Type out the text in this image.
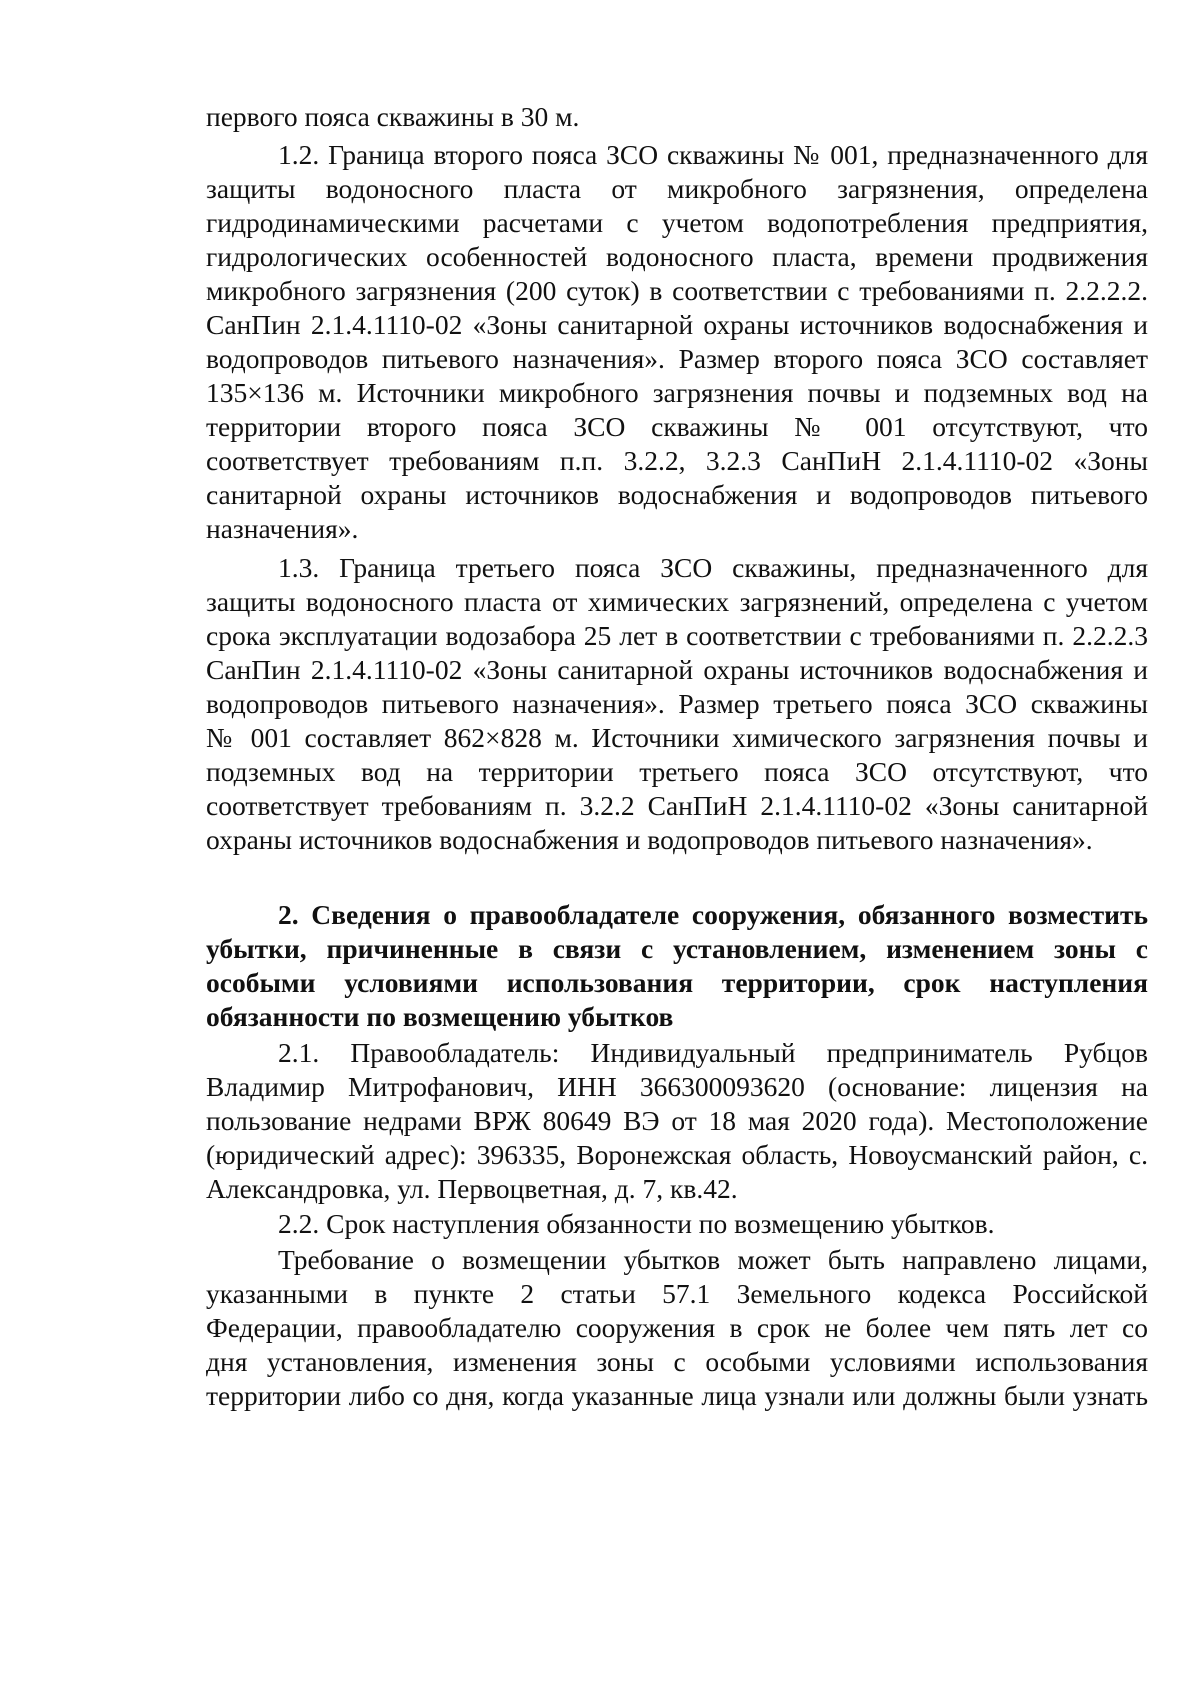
первого пояса скважины в 30 м.
1.2. Граница второго пояса ЗСО скважины № 001, предназначенного для
защиты водоносного пласта от микробного загрязнения, определена
гидродинамическими расчетами с учетом водопотребления предприятия,
гидрологических особенностей водоносного пласта, времени продвижения
микробного загрязнения (200 суток) в соответствии с требованиями п. 2.2.2.2.
СанПин 2.1.4.1110-02 «Зоны санитарной охраны источников водоснабжения и
водопроводов питьевого назначения». Размер второго пояса ЗСО составляет
135×136 м. Источники микробного загрязнения почвы и подземных вод на
территории второго пояса ЗСО скважины № 001 отсутствуют, что
соответствует требованиям п.п. 3.2.2, 3.2.3 СанПиН 2.1.4.1110-02 «Зоны
санитарной охраны источников водоснабжения и водопроводов питьевого
назначения».
1.3. Граница третьего пояса ЗСО скважины, предназначенного для
защиты водоносного пласта от химических загрязнений, определена с учетом
срока эксплуатации водозабора 25 лет в соответствии с требованиями п. 2.2.2.3
СанПин 2.1.4.1110-02 «Зоны санитарной охраны источников водоснабжения и
водопроводов питьевого назначения». Размер третьего пояса ЗСО скважины
№ 001 составляет 862×828 м. Источники химического загрязнения почвы и
подземных вод на территории третьего пояса ЗСО отсутствуют, что
соответствует требованиям п. 3.2.2 СанПиН 2.1.4.1110-02 «Зоны санитарной
охраны источников водоснабжения и водопроводов питьевого назначения».
2. Сведения о правообладателе сооружения, обязанного возместить
убытки, причиненные в связи с установлением, изменением зоны с
особыми условиями использования территории, срок наступления
обязанности по возмещению убытков
2.1. Правообладатель: Индивидуальный предприниматель Рубцов
Владимир Митрофанович, ИНН 366300093620 (основание: лицензия на
пользование недрами ВРЖ 80649 ВЭ от 18 мая 2020 года). Местоположение
(юридический адрес): 396335, Воронежская область, Новоусманский район, с.
Александровка, ул. Первоцветная, д. 7, кв.42.
2.2. Срок наступления обязанности по возмещению убытков.
Требование о возмещении убытков может быть направлено лицами,
указанными в пункте 2 статьи 57.1 Земельного кодекса Российской
Федерации, правообладателю сооружения в срок не более чем пять лет со
дня установления, изменения зоны с особыми условиями использования
территории либо со дня, когда указанные лица узнали или должны были узнать
